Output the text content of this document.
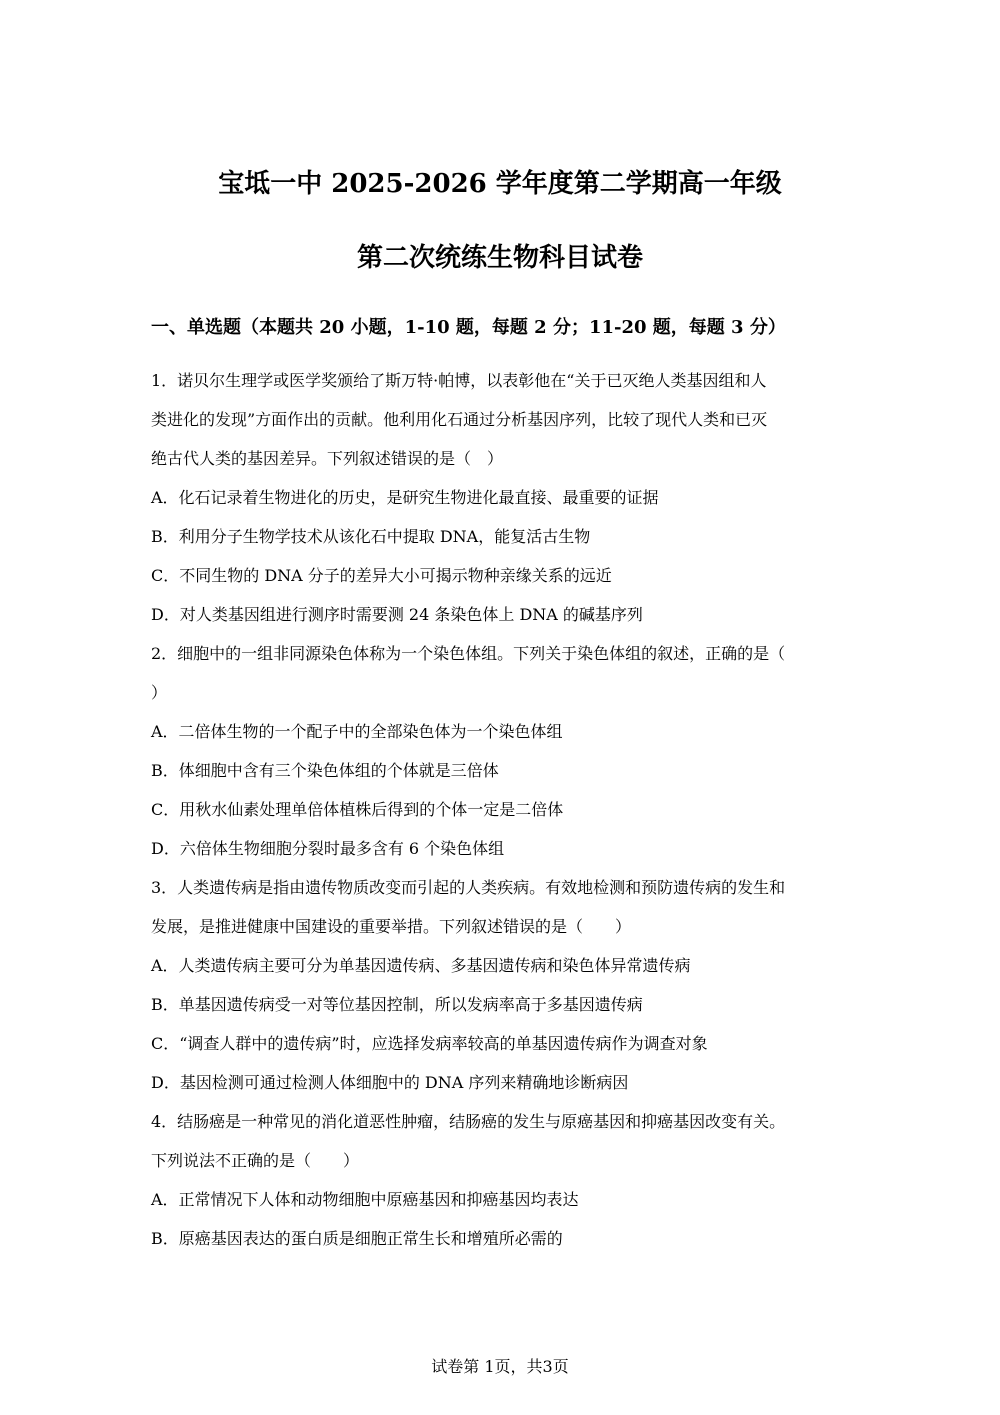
宝坻一中 2025-2026 学年度第二学期高一年级
第二次统练生物科目试卷
一、单选题（本题共 20 小题，1-10 题，每题 2 分；11-20 题，每题 3 分）
1．诺贝尔生理学或医学奖颁给了斯万特·帕博，以表彰他在“关于已灭绝人类基因组和人
类进化的发现”方面作出的贡献。他利用化石通过分析基因序列，比较了现代人类和已灭
绝古代人类的基因差异。下列叙述错误的是（　）
A．化石记录着生物进化的历史，是研究生物进化最直接、最重要的证据
B．利用分子生物学技术从该化石中提取 DNA，能复活古生物
C．不同生物的 DNA 分子的差异大小可揭示物种亲缘关系的远近
D．对人类基因组进行测序时需要测 24 条染色体上 DNA 的碱基序列
2．细胞中的一组非同源染色体称为一个染色体组。下列关于染色体组的叙述，正确的是（
）
A．二倍体生物的一个配子中的全部染色体为一个染色体组
B．体细胞中含有三个染色体组的个体就是三倍体
C．用秋水仙素处理单倍体植株后得到的个体一定是二倍体
D．六倍体生物细胞分裂时最多含有 6 个染色体组
3．人类遗传病是指由遗传物质改变而引起的人类疾病。有效地检测和预防遗传病的发生和
发展，是推进健康中国建设的重要举措。下列叙述错误的是（　　）
A．人类遗传病主要可分为单基因遗传病、多基因遗传病和染色体异常遗传病
B．单基因遗传病受一对等位基因控制，所以发病率高于多基因遗传病
C．“调查人群中的遗传病”时，应选择发病率较高的单基因遗传病作为调查对象
D．基因检测可通过检测人体细胞中的 DNA 序列来精确地诊断病因
4．结肠癌是一种常见的消化道恶性肿瘤，结肠癌的发生与原癌基因和抑癌基因改变有关。
下列说法不正确的是（　　）
A．正常情况下人体和动物细胞中原癌基因和抑癌基因均表达
B．原癌基因表达的蛋白质是细胞正常生长和增殖所必需的
试卷第 1页，共3页
